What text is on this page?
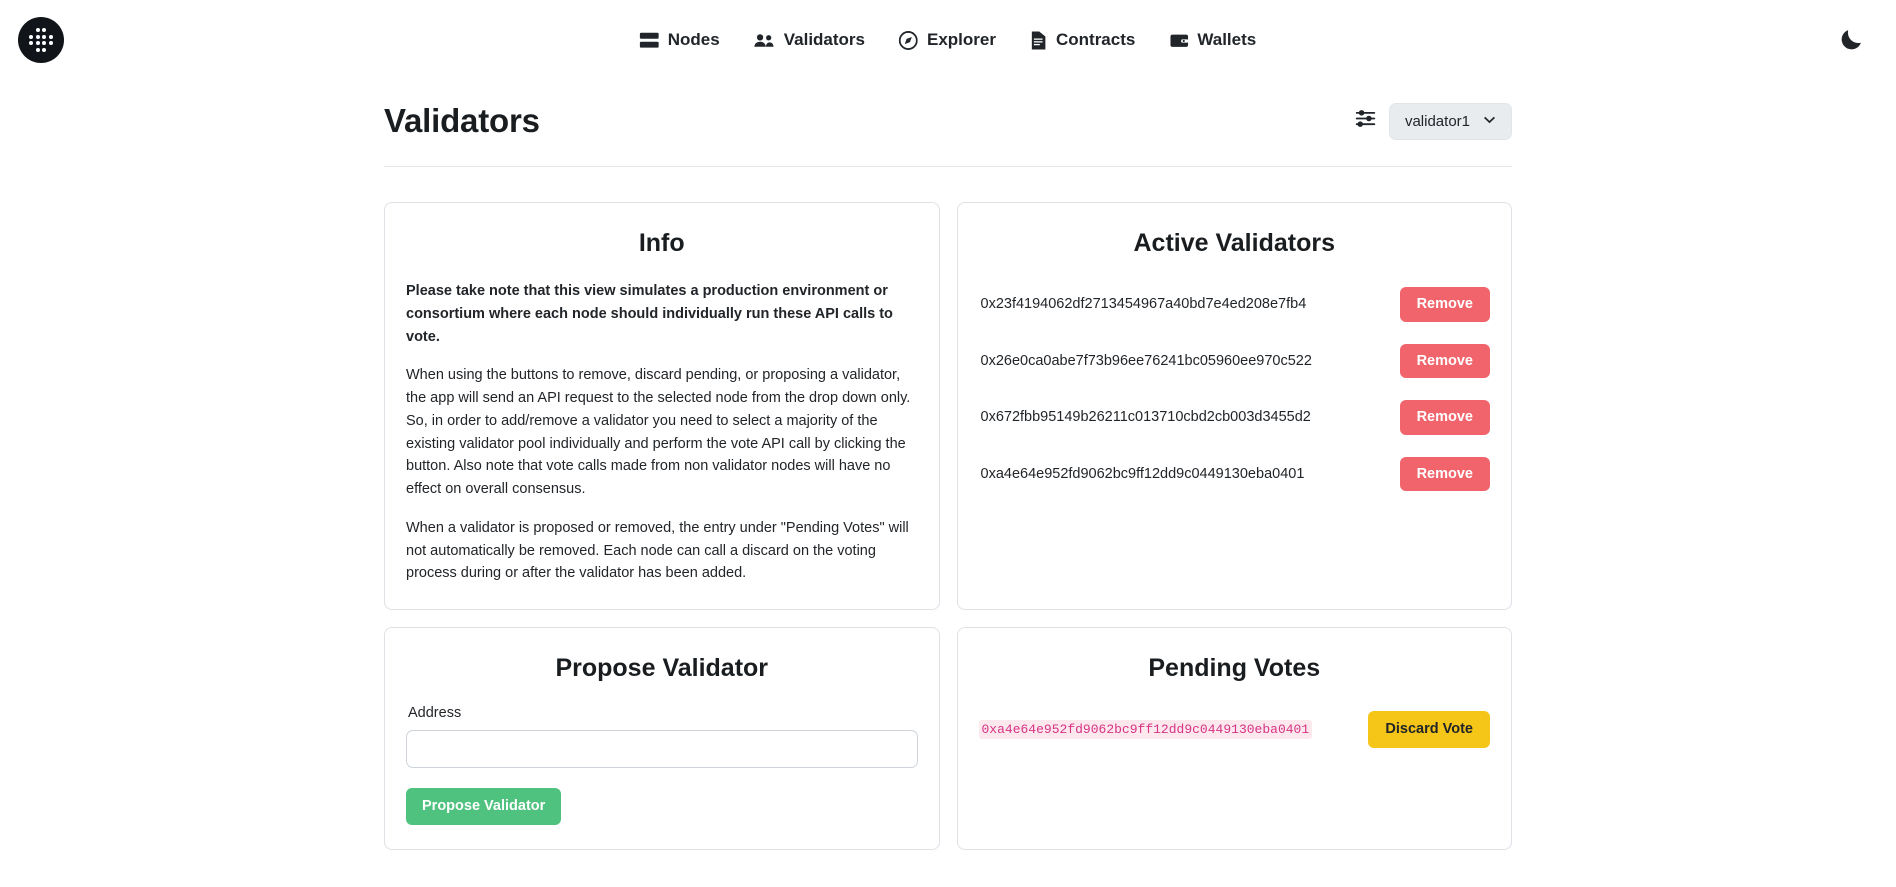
Nodes	Validators	Explorer	Contracts	Wallets
Validators	validator1
Info

Please take note that this view simulates a production environment or consortium where each node should individually run these API calls to vote.

When using the buttons to remove, discard pending, or proposing a validator, the app will send an API request to the selected node from the drop down only. So, in order to add/remove a validator you need to select a majority of the existing validator pool individually and perform the vote API call by clicking the button. Also note that vote calls made from non validator nodes will have no effect on overall consensus.

When a validator is proposed or removed, the entry under "Pending Votes" will not automatically be removed. Each node can call a discard on the voting process during or after the validator has been added.

Active Validators
0x23f4194062df2713454967a40bd7e4ed208e7fb4	Remove
0x26e0ca0abe7f73b96ee76241bc05960ee970c522	Remove
0x672fbb95149b26211c013710cbd2cb003d3455d2	Remove
0xa4e64e952fd9062bc9ff12dd9c0449130eba0401	Remove
Propose Validator
Address
Propose Validator
Pending Votes
0xa4e64e952fd9062bc9ff12dd9c0449130eba0401	Discard Vote
